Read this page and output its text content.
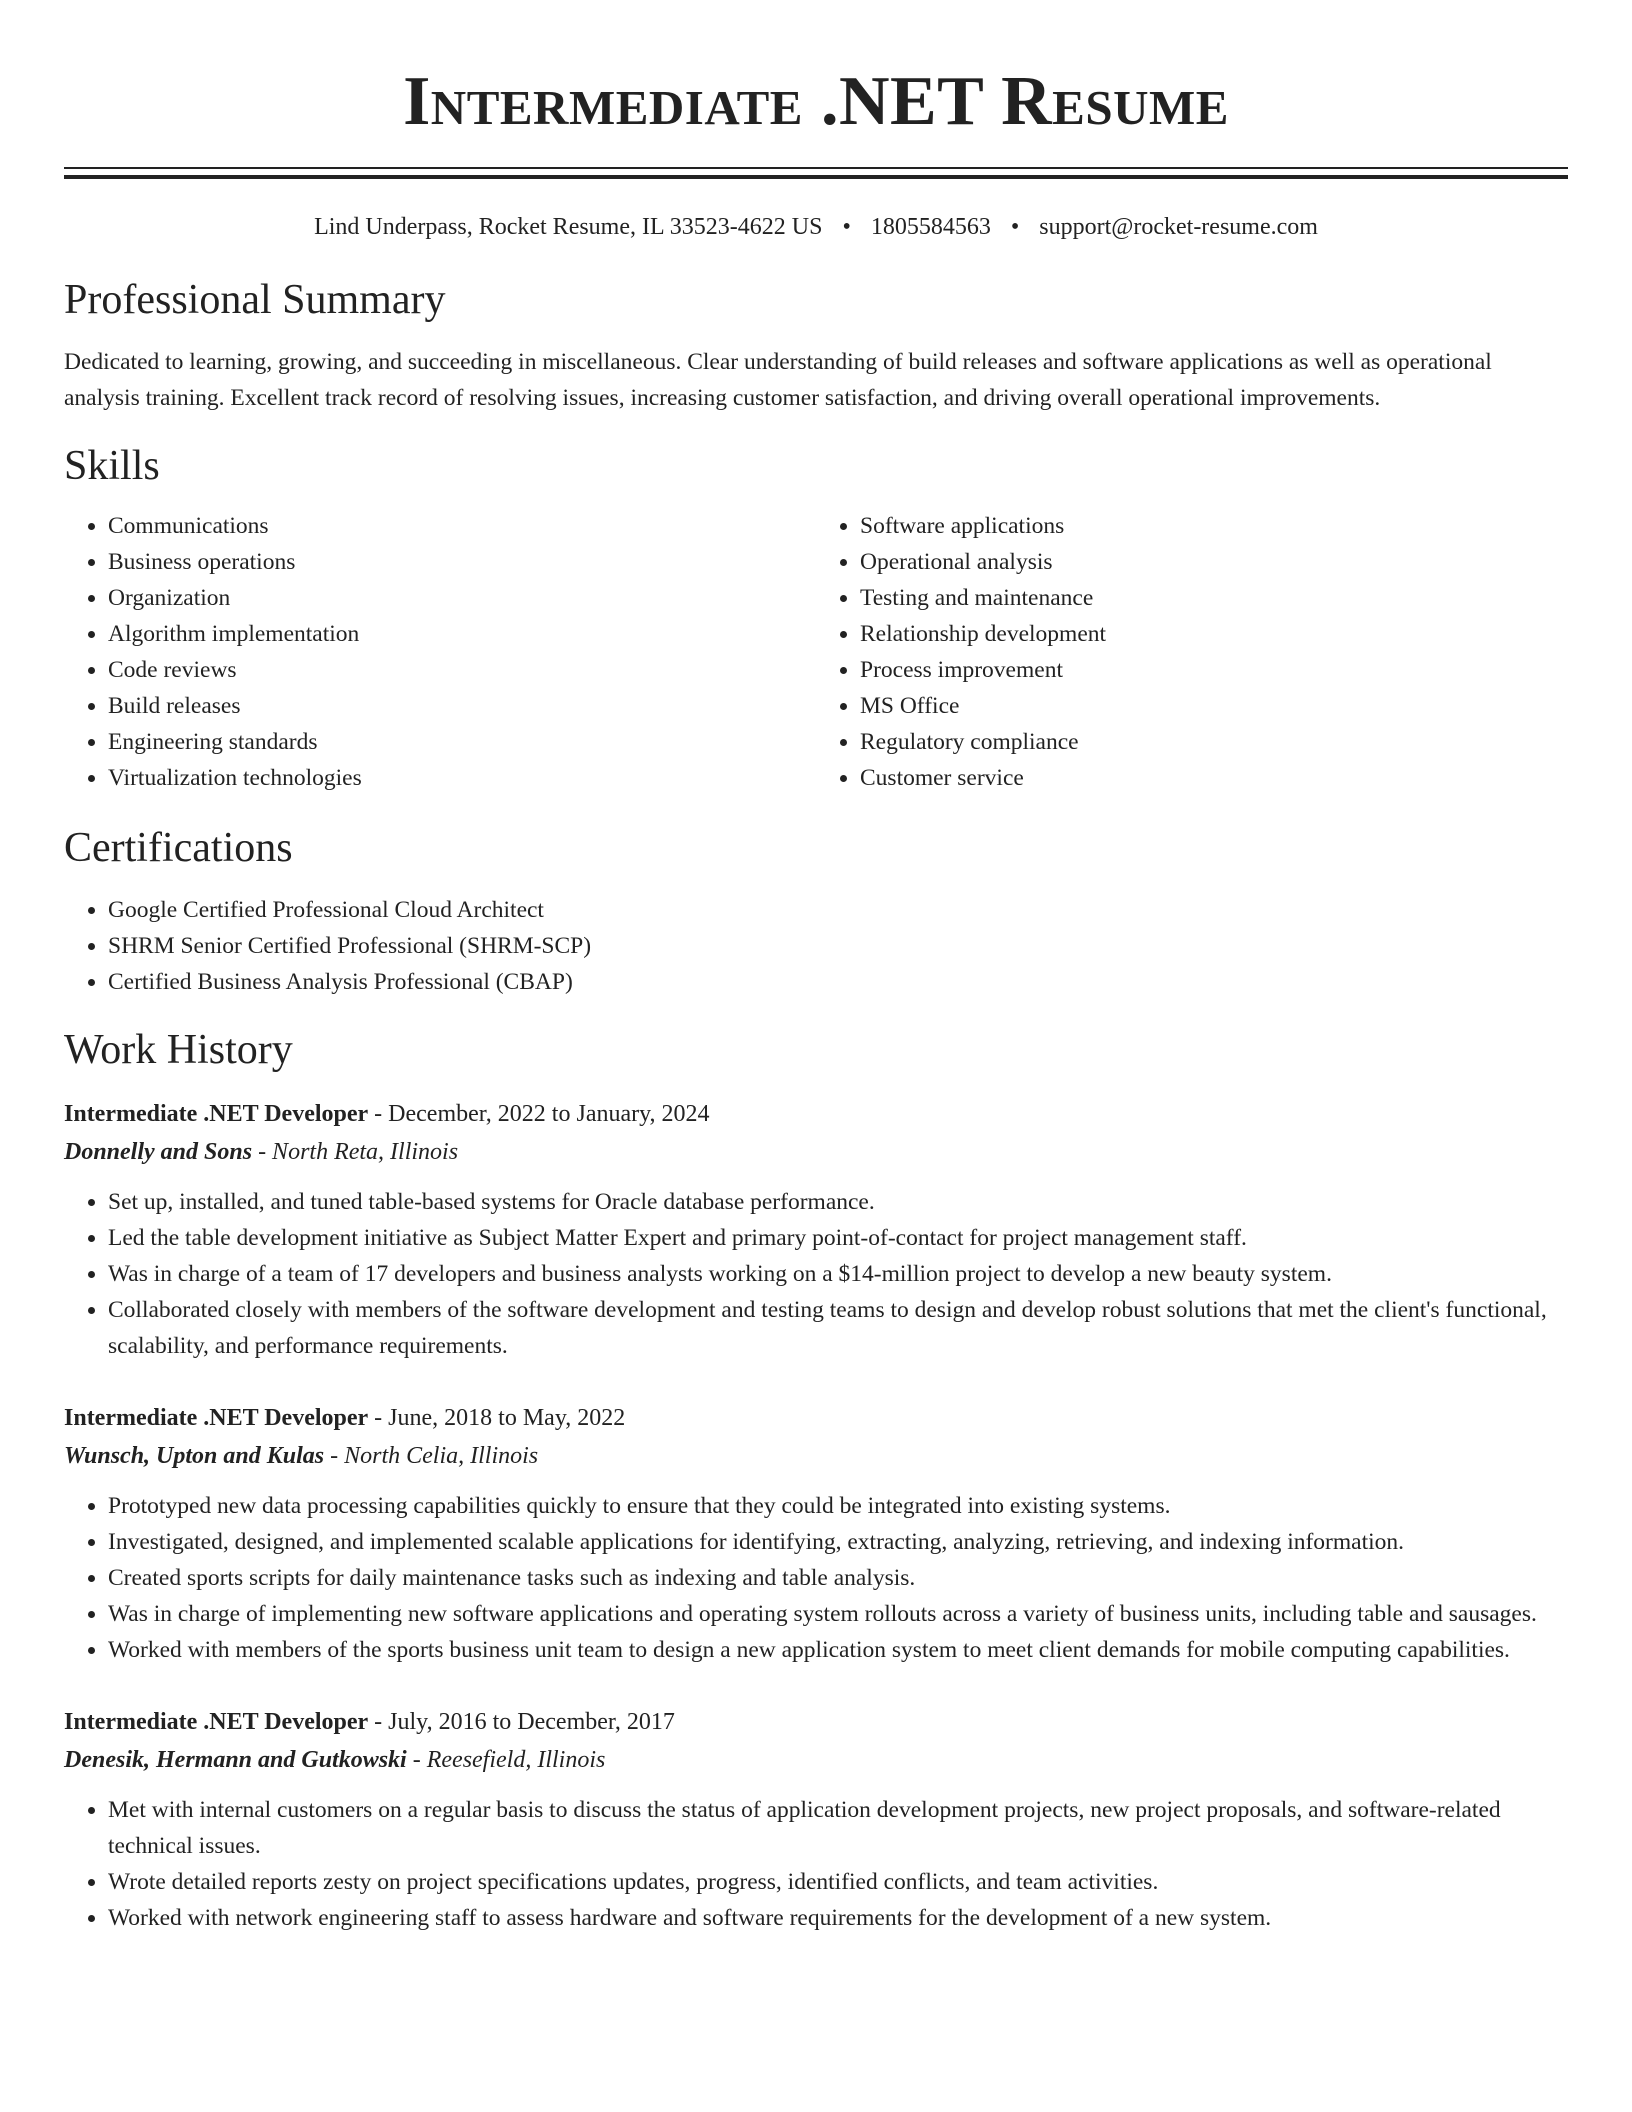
Intermediate .NET Resume
Lind Underpass, Rocket Resume, IL 33523-4622 US • 1805584563 • support@rocket-resume.com
Professional Summary
Dedicated to learning, growing, and succeeding in miscellaneous. Clear understanding of build releases and software applications as well as operational analysis training. Excellent track record of resolving issues, increasing customer satisfaction, and driving overall operational improvements.
Skills
• Communications
• Business operations
• Organization
• Algorithm implementation
• Code reviews
• Build releases
• Engineering standards
• Virtualization technologies
• Software applications
• Operational analysis
• Testing and maintenance
• Relationship development
• Process improvement
• MS Office
• Regulatory compliance
• Customer service
Certifications
• Google Certified Professional Cloud Architect
• SHRM Senior Certified Professional (SHRM-SCP)
• Certified Business Analysis Professional (CBAP)
Work History
Intermediate .NET Developer - December, 2022 to January, 2024
Donnelly and Sons - North Reta, Illinois
• Set up, installed, and tuned table-based systems for Oracle database performance.
• Led the table development initiative as Subject Matter Expert and primary point-of-contact for project management staff.
• Was in charge of a team of 17 developers and business analysts working on a $14-million project to develop a new beauty system.
• Collaborated closely with members of the software development and testing teams to design and develop robust solutions that met the client's functional, scalability, and performance requirements.
Intermediate .NET Developer - June, 2018 to May, 2022
Wunsch, Upton and Kulas - North Celia, Illinois
• Prototyped new data processing capabilities quickly to ensure that they could be integrated into existing systems.
• Investigated, designed, and implemented scalable applications for identifying, extracting, analyzing, retrieving, and indexing information.
• Created sports scripts for daily maintenance tasks such as indexing and table analysis.
• Was in charge of implementing new software applications and operating system rollouts across a variety of business units, including table and sausages.
• Worked with members of the sports business unit team to design a new application system to meet client demands for mobile computing capabilities.
Intermediate .NET Developer - July, 2016 to December, 2017
Denesik, Hermann and Gutkowski - Reesefield, Illinois
• Met with internal customers on a regular basis to discuss the status of application development projects, new project proposals, and software-related technical issues.
• Wrote detailed reports zesty on project specifications updates, progress, identified conflicts, and team activities.
• Worked with network engineering staff to assess hardware and software requirements for the development of a new system.
